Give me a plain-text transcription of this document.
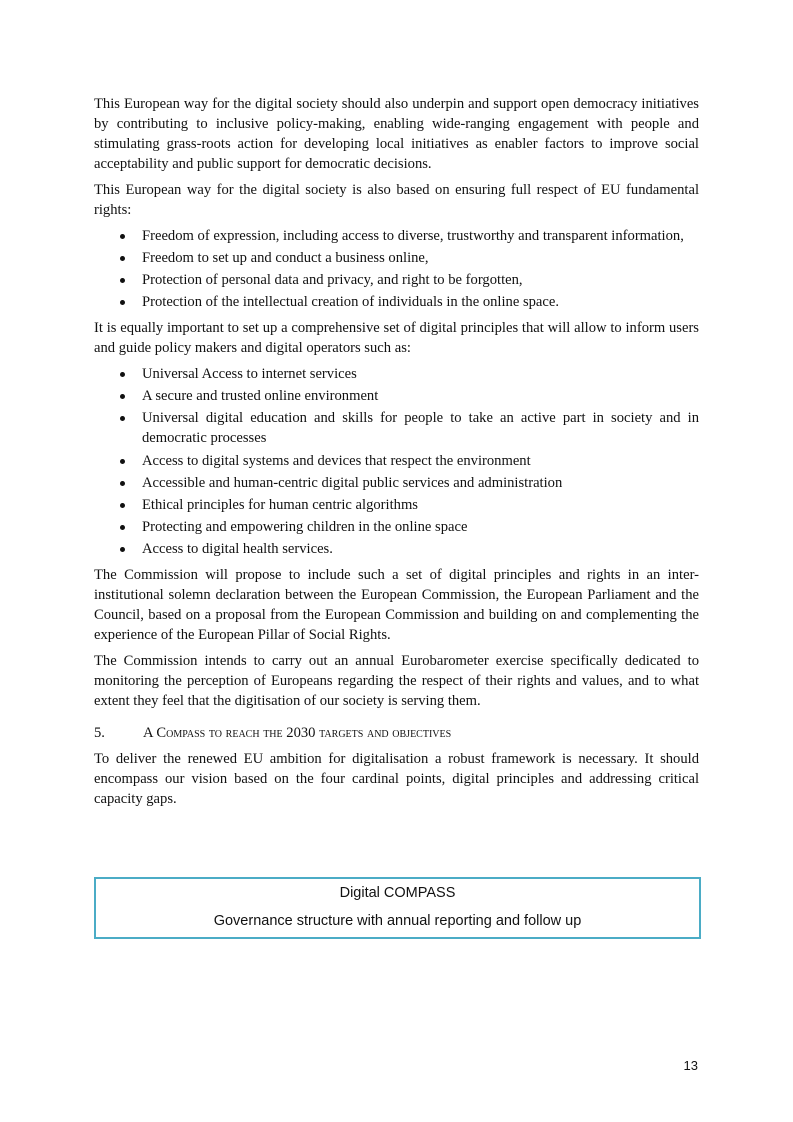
This European way for the digital society should also underpin and support open democracy initiatives by contributing to inclusive policy-making, enabling wide-ranging engagement with people and stimulating grass-roots action for developing local initiatives as enabler factors to improve social acceptability and public support for democratic decisions.

This European way for the digital society is also based on ensuring full respect of EU fundamental rights:

Freedom of expression, including access to diverse, trustworthy and transparent information,
Freedom to set up and conduct a business online,
Protection of personal data and privacy, and right to be forgotten,
Protection of the intellectual creation of individuals in the online space.

It is equally important to set up a comprehensive set of digital principles that will allow to inform users and guide policy makers and digital operators such as:

Universal Access to internet services
A secure and trusted online environment
Universal digital education and skills for people to take an active part in society and in democratic processes
Access to digital systems and devices that respect the environment
Accessible and human-centric digital public services and administration
Ethical principles for human centric algorithms
Protecting and empowering children in the online space
Access to digital health services.

The Commission will propose to include such a set of digital principles and rights in an inter-institutional solemn declaration between the European Commission, the European Parliament and the Council, based on a proposal from the European Commission and building on and complementing the experience of the European Pillar of Social Rights.

The Commission intends to carry out an annual Eurobarometer exercise specifically dedicated to monitoring the perception of Europeans regarding the respect of their rights and values, and to what extent they feel that the digitisation of our society is serving them.

5.	A Compass to reach the 2030 targets and objectives

To deliver the renewed EU ambition for digitalisation a robust framework is necessary. It should encompass our vision based on the four cardinal points, digital principles and addressing critical capacity gaps.

Digital COMPASS
Governance structure with annual reporting and follow up
13
